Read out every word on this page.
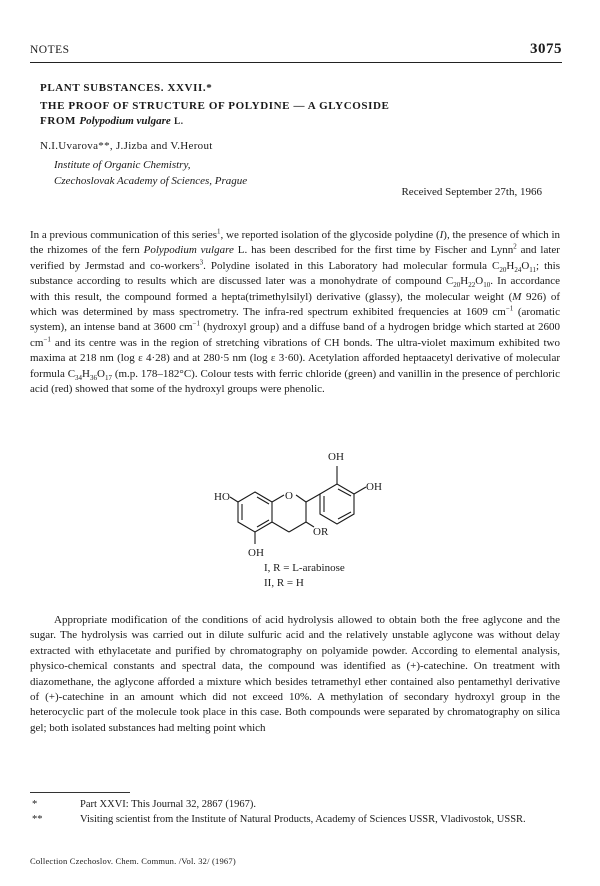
NOTES	3075
PLANT SUBSTANCES. XXVII.*
THE PROOF OF STRUCTURE OF POLYDINE — A GLYCOSIDE
FROM Polypodium vulgare L.
N.I.Uvarova**, J.Jizba and V.Herout
Institute of Organic Chemistry,
Czechoslovak Academy of Sciences, Prague
Received September 27th, 1966
In a previous communication of this series$^1$, we reported isolation of the glycoside polydine (I), the presence of which in the rhizomes of the fern Polypodium vulgare L. has been described for the first time by Fischer and Lynn$^2$ and later verified by Jermstad and co-workers$^3$. Polydine isolated in this Laboratory had molecular formula $C_{20}H_{24}O_{11}$; this substance according to results which are discussed later was a monohydrate of compound $C_{20}H_{22}O_{10}$. In accordance with this result, the compound formed a hepta(trimethylsilyl) derivative (glassy), the molecular weight (M 926) of which was determined by mass spectrometry. The infra-red spectrum exhibited frequencies at 1609 $cm^{-1}$ (aromatic system), an intense band at 3600 $cm^{-1}$ (hydroxyl group) and a diffuse band of a hydrogen bridge which started at 2600 $cm^{-1}$ and its centre was in the region of stretching vibrations of CH bonds. The ultra-violet maximum exhibited two maxima at 218 nm (log ε 4·28) and at 280·5 nm (log ε 3·60). Acetylation afforded heptaacetyl derivative of molecular formula $C_{34}H_{36}O_{17}$ (m.p. 178–182°C). Colour tests with ferric chloride (green) and vanillin in the presence of perchloric acid (red) showed that some of the hydroxyl groups were phenolic.
OH
OH
HO	O
OR
OH
I, R = L-arabinose
II, R = H
Appropriate modification of the conditions of acid hydrolysis allowed to obtain both the free aglycone and the sugar. The hydrolysis was carried out in dilute sulfuric acid and the relatively unstable aglycone was without delay extracted with ethylacetate and purified by chromatography on polyamide powder. According to elemental analysis, physico-chemical constants and spectral data, the compound was identified as (+)-catechine. On treatment with diazomethane, the aglycone afforded a mixture which besides tetramethyl ether contained also pentamethyl derivative of (+)-catechine in an amount which did not exceed 10%. A methylation of secondary hydroxyl group in the heterocyclic part of the molecule took place in this case. Both compounds were separated by chromatography on silica gel; both isolated substances had melting point which
*	Part XXVI: This Journal 32, 2867 (1967).
**	Visiting scientist from the Institute of Natural Products, Academy of Sciences USSR, Vladivostok, USSR.
Collection Czechoslov. Chem. Commun. /Vol. 32/ (1967)
